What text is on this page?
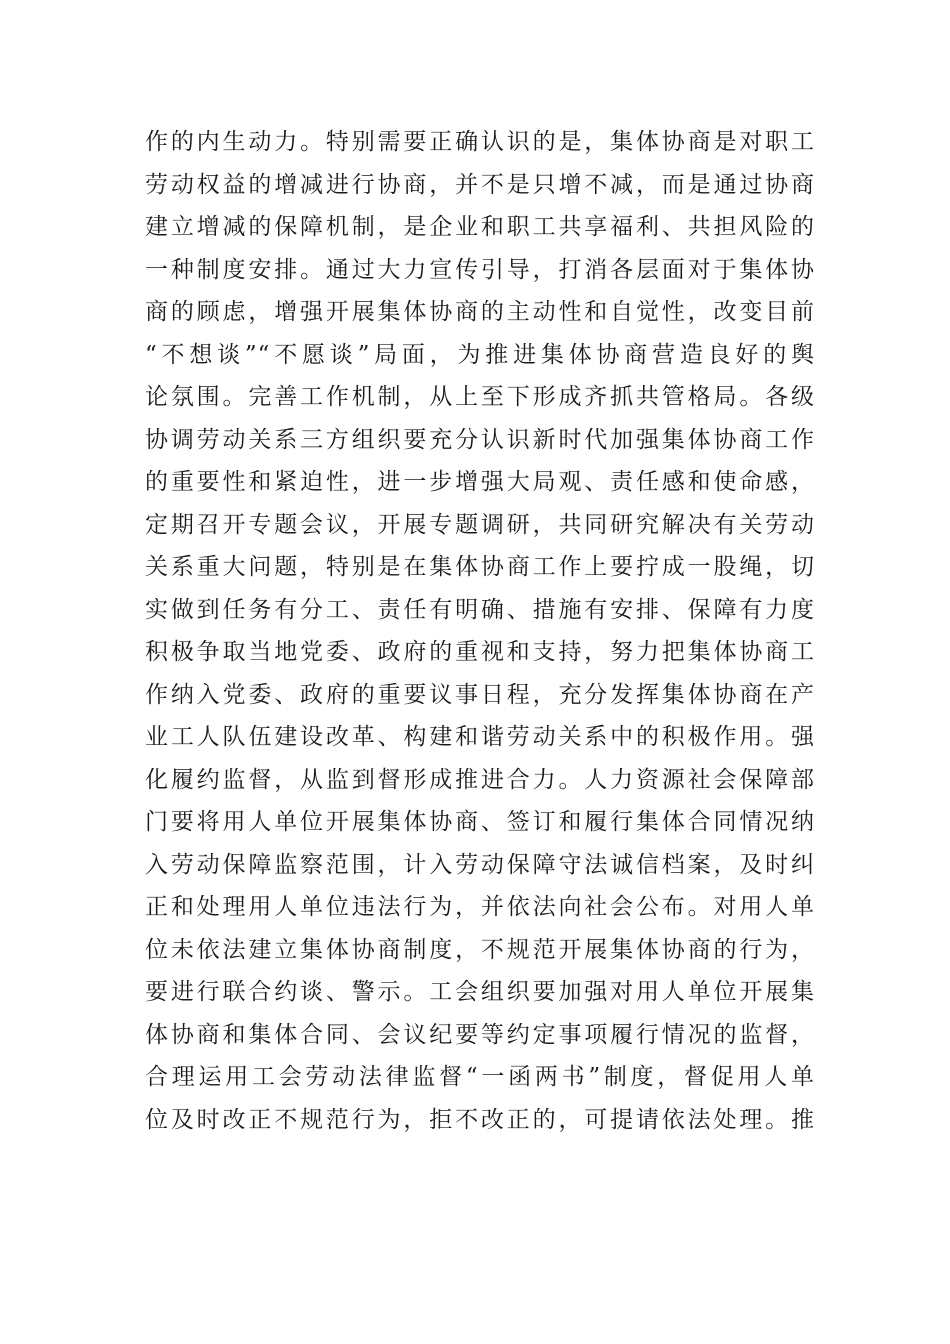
作的内生动力。特别需要正确认识的是，集体协商是对职工
劳动权益的增减进行协商，并不是只增不减，而是通过协商
建立增减的保障机制，是企业和职工共享福利、共担风险的
一种制度安排。通过大力宣传引导，打消各层面对于集体协
商的顾虑，增强开展集体协商的主动性和自觉性，改变目前
“不想谈”“不愿谈”局面，为推进集体协商营造良好的舆
论氛围。完善工作机制，从上至下形成齐抓共管格局。各级
协调劳动关系三方组织要充分认识新时代加强集体协商工作
的重要性和紧迫性，进一步增强大局观、责任感和使命感，
定期召开专题会议，开展专题调研，共同研究解决有关劳动
关系重大问题，特别是在集体协商工作上要拧成一股绳，切
实做到任务有分工、责任有明确、措施有安排、保障有力度
积极争取当地党委、政府的重视和支持，努力把集体协商工
作纳入党委、政府的重要议事日程，充分发挥集体协商在产
业工人队伍建设改革、构建和谐劳动关系中的积极作用。强
化履约监督，从监到督形成推进合力。人力资源社会保障部
门要将用人单位开展集体协商、签订和履行集体合同情况纳
入劳动保障监察范围，计入劳动保障守法诚信档案，及时纠
正和处理用人单位违法行为，并依法向社会公布。对用人单
位未依法建立集体协商制度，不规范开展集体协商的行为，
要进行联合约谈、警示。工会组织要加强对用人单位开展集
体协商和集体合同、会议纪要等约定事项履行情况的监督，
合理运用工会劳动法律监督“一函两书”制度，督促用人单
位及时改正不规范行为，拒不改正的，可提请依法处理。推
